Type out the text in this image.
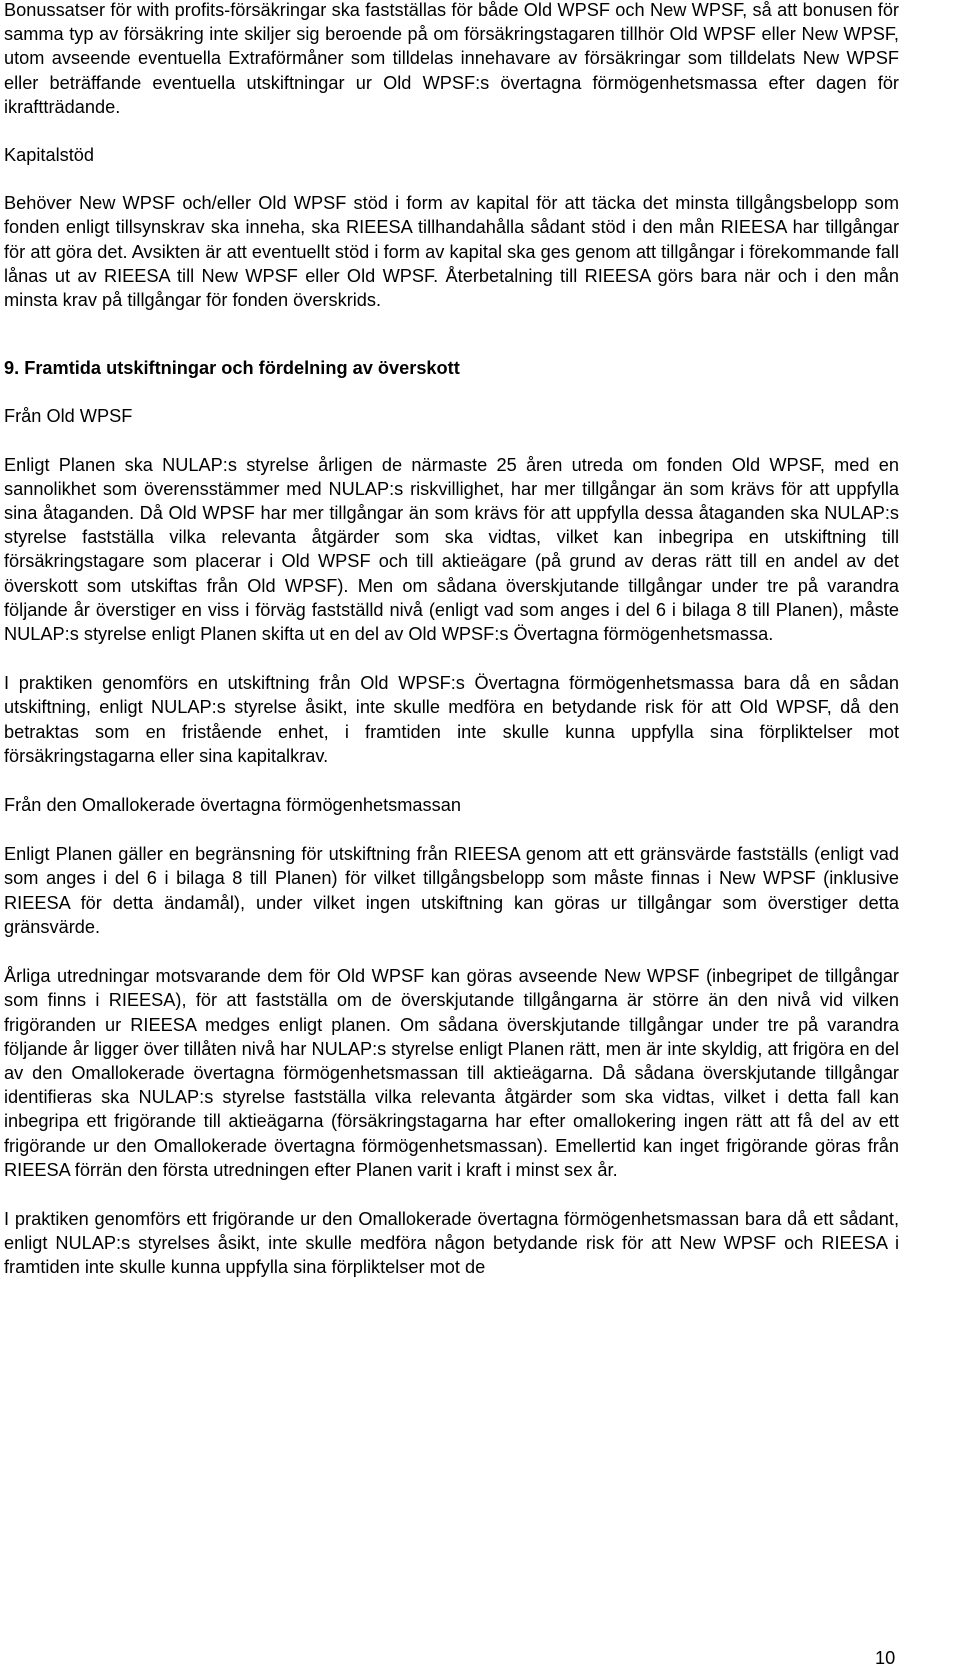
Bonussatser för with profits-försäkringar ska fastställas för både Old WPSF och New WPSF, så att bonusen för samma typ av försäkring inte skiljer sig beroende på om försäkringstagaren tillhör Old WPSF eller New WPSF, utom avseende eventuella Extraförmåner som tilldelas innehavare av försäkringar som tilldelats New WPSF eller beträffande eventuella utskiftningar ur Old WPSF:s övertagna förmögenhetsmassa efter dagen för ikraftträdande.

Kapitalstöd

Behöver New WPSF och/eller Old WPSF stöd i form av kapital för att täcka det minsta tillgångsbelopp som fonden enligt tillsynskrav ska inneha, ska RIEESA tillhandahålla sådant stöd i den mån RIEESA har tillgångar för att göra det. Avsikten är att eventuellt stöd i form av kapital ska ges genom att tillgångar i förekommande fall lånas ut av RIEESA till New WPSF eller Old WPSF. Återbetalning till RIEESA görs bara när och i den mån minsta krav på tillgångar för fonden överskrids.

9. Framtida utskiftningar och fördelning av överskott

Från Old WPSF

Enligt Planen ska NULAP:s styrelse årligen de närmaste 25 åren utreda om fonden Old WPSF, med en sannolikhet som överensstämmer med NULAP:s riskvillighet, har mer tillgångar än som krävs för att uppfylla sina åtaganden. Då Old WPSF har mer tillgångar än som krävs för att uppfylla dessa åtaganden ska NULAP:s styrelse fastställa vilka relevanta åtgärder som ska vidtas, vilket kan inbegripa en utskiftning till försäkringstagare som placerar i Old WPSF och till aktieägare (på grund av deras rätt till en andel av det överskott som utskiftas från Old WPSF). Men om sådana överskjutande tillgångar under tre på varandra följande år överstiger en viss i förväg fastställd nivå (enligt vad som anges i del 6 i bilaga 8 till Planen), måste NULAP:s styrelse enligt Planen skifta ut en del av Old WPSF:s Övertagna förmögenhetsmassa.

I praktiken genomförs en utskiftning från Old WPSF:s Övertagna förmögenhetsmassa bara då en sådan utskiftning, enligt NULAP:s styrelse åsikt, inte skulle medföra en betydande risk för att Old WPSF, då den betraktas som en fristående enhet, i framtiden inte skulle kunna uppfylla sina förpliktelser mot försäkringstagarna eller sina kapitalkrav.

Från den Omallokerade övertagna förmögenhetsmassan

Enligt Planen gäller en begränsning för utskiftning från RIEESA genom att ett gränsvärde fastställs (enligt vad som anges i del 6 i bilaga 8 till Planen) för vilket tillgångsbelopp som måste finnas i New WPSF (inklusive RIEESA för detta ändamål), under vilket ingen utskiftning kan göras ur tillgångar som överstiger detta gränsvärde.

Årliga utredningar motsvarande dem för Old WPSF kan göras avseende New WPSF (inbegripet de tillgångar som finns i RIEESA), för att fastställa om de överskjutande tillgångarna är större än den nivå vid vilken frigöranden ur RIEESA medges enligt planen. Om sådana överskjutande tillgångar under tre på varandra följande år ligger över tillåten nivå har NULAP:s styrelse enligt Planen rätt, men är inte skyldig, att frigöra en del av den Omallokerade övertagna förmögenhetsmassan till aktieägarna. Då sådana överskjutande tillgångar identifieras ska NULAP:s styrelse fastställa vilka relevanta åtgärder som ska vidtas, vilket i detta fall kan inbegripa ett frigörande till aktieägarna (försäkringstagarna har efter omallokering ingen rätt att få del av ett frigörande ur den Omallokerade övertagna förmögenhetsmassan). Emellertid kan inget frigörande göras från RIEESA förrän den första utredningen efter Planen varit i kraft i minst sex år.

I praktiken genomförs ett frigörande ur den Omallokerade övertagna förmögenhetsmassan bara då ett sådant, enligt NULAP:s styrelses åsikt, inte skulle medföra någon betydande risk för att New WPSF och RIEESA i framtiden inte skulle kunna uppfylla sina förpliktelser mot de

10
